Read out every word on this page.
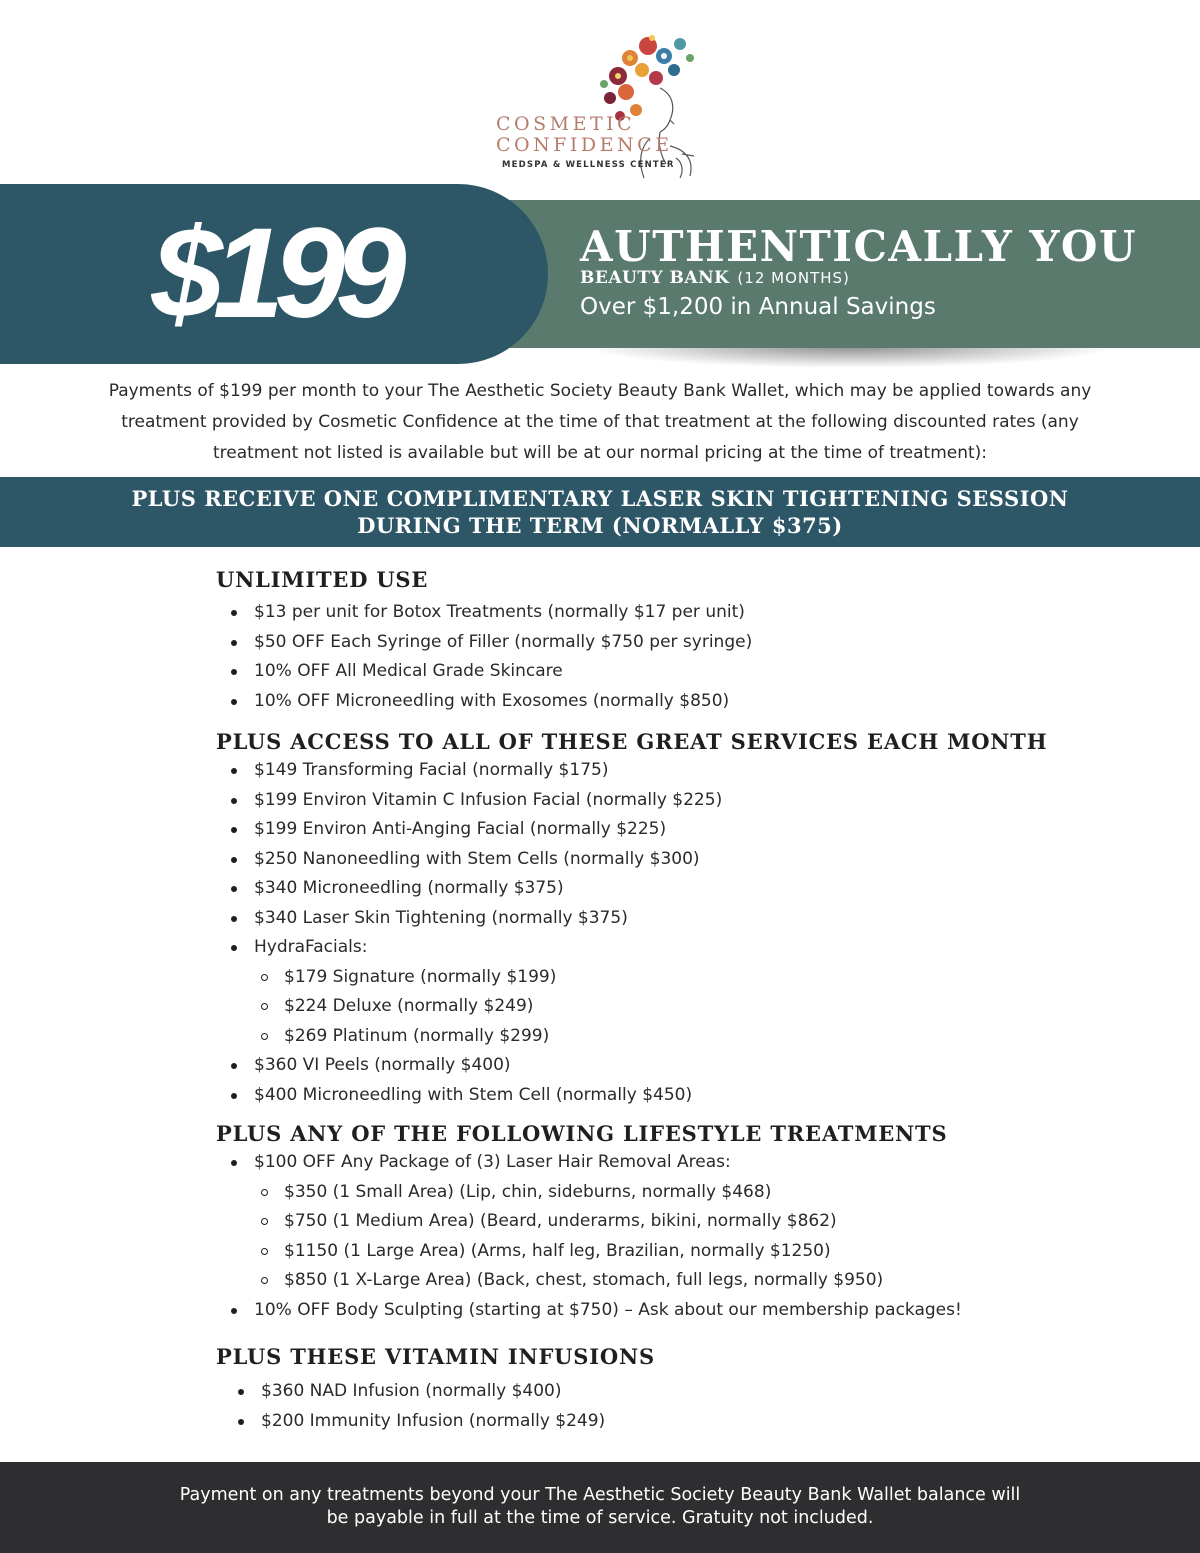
COSMETIC
CONFIDENCE
MEDSPA & WELLNESS CENTER
$199	AUTHENTICALLY YOU
BEAUTY BANK (12 MONTHS)
Over $1,200 in Annual Savings
Payments of $199 per month to your The Aesthetic Society Beauty Bank Wallet, which may be applied towards any
treatment provided by Cosmetic Confidence at the time of that treatment at the following discounted rates (any
treatment not listed is available but will be at our normal pricing at the time of treatment):
PLUS RECEIVE ONE COMPLIMENTARY LASER SKIN TIGHTENING SESSION
DURING THE TERM (NORMALLY $375)
UNLIMITED USE
$13 per unit for Botox Treatments (normally $17 per unit)
$50 OFF Each Syringe of Filler (normally $750 per syringe)
10% OFF All Medical Grade Skincare
10% OFF Microneedling with Exosomes (normally $850)
PLUS ACCESS TO ALL OF THESE GREAT SERVICES EACH MONTH
$149 Transforming Facial (normally $175)
$199 Environ Vitamin C Infusion Facial (normally $225)
$199 Environ Anti-Anging Facial (normally $225)
$250 Nanoneedling with Stem Cells (normally $300)
$340 Microneedling (normally $375)
$340 Laser Skin Tightening (normally $375)
HydraFacials:
$179 Signature (normally $199)
$224 Deluxe (normally $249)
$269 Platinum (normally $299)
$360 VI Peels (normally $400)
$400 Microneedling with Stem Cell (normally $450)
PLUS ANY OF THE FOLLOWING LIFESTYLE TREATMENTS
$100 OFF Any Package of (3) Laser Hair Removal Areas:
$350 (1 Small Area) (Lip, chin, sideburns, normally $468)
$750 (1 Medium Area) (Beard, underarms, bikini, normally $862)
$1150 (1 Large Area) (Arms, half leg, Brazilian, normally $1250)
$850 (1 X-Large Area) (Back, chest, stomach, full legs, normally $950)
10% OFF Body Sculpting (starting at $750) – Ask about our membership packages!
PLUS THESE VITAMIN INFUSIONS
$360 NAD Infusion (normally $400)
$200 Immunity Infusion (normally $249)
Payment on any treatments beyond your The Aesthetic Society Beauty Bank Wallet balance will
be payable in full at the time of service. Gratuity not included.
